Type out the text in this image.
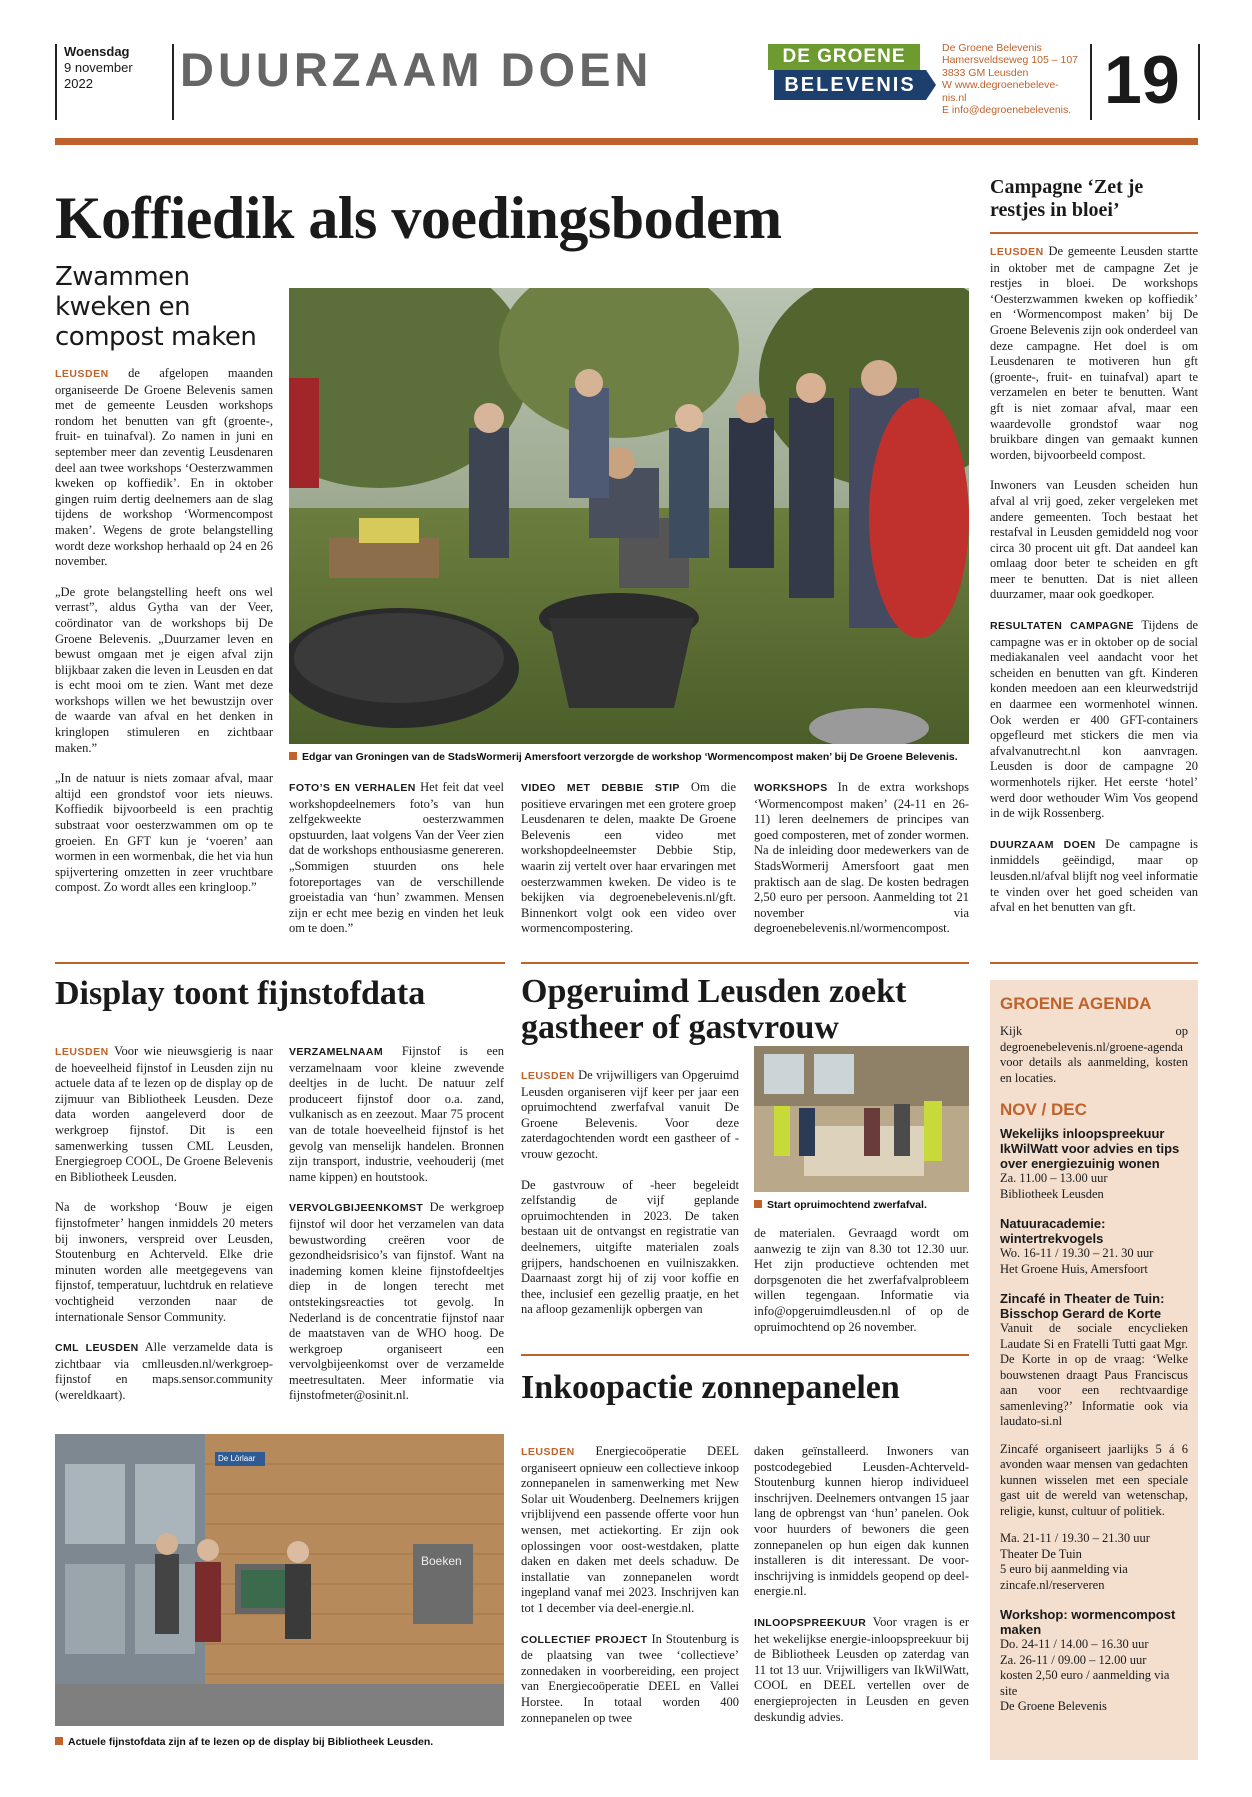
Woensdag
9 november
2022	DUURZAAM DOEN	DE GROENE
BELEVENIS
De Groene Belevenis
Hamersveldseweg 105 – 107
3833 GM Leusden
W www.degroenebeleve-
nis.nl
E info@degroenebelevenis. 19
Koffiedik als voedingsbodem
Zwammen kweken en compost maken

LEUSDEN de afgelopen maanden organiseerde De Groene Belevenis samen met de gemeente Leusden workshops rondom het benutten van gft (groente-, fruit- en tuinafval). Zo namen in juni en september meer dan zeventig Leusdenaren deel aan twee workshops ‘Oesterzwammen kweken op koffiedik’. En in oktober gingen ruim dertig deelnemers aan de slag tijdens de workshop ‘Wormencompost maken’. Wegens de grote belangstelling wordt deze workshop herhaald op 24 en 26 november.

„De grote belangstelling heeft ons wel verrast”, aldus Gytha van der Veer, coördinator van de workshops bij De Groene Belevenis. „Duurzamer leven en bewust omgaan met je eigen afval zijn blijkbaar zaken die leven in Leusden en dat is echt mooi om te zien. Want met deze workshops willen we het bewustzijn over de waarde van afval en het denken in kringlopen stimuleren en zichtbaar maken.”

„In de natuur is niets zomaar afval, maar altijd een grondstof voor iets nieuws. Koffiedik bijvoorbeeld is een prachtig substraat voor oesterzwammen om op te groeien. En GFT kun je ‘voeren’ aan wormen in een wormenbak, die het via hun spijvertering omzetten in zeer vruchtbare compost. Zo wordt alles een kringloop.”

Edgar van Groningen van de StadsWormerij Amersfoort verzorgde de workshop ‘Wormencompost maken’ bij De Groene Belevenis.

FOTO’S EN VERHALEN Het feit dat veel workshopdeelnemers foto’s van hun zelfgekweekte oesterzwammen opstuurden, laat volgens Van der Veer zien dat de workshops enthousiasme genereren. „Sommigen stuurden ons hele fotoreportages van de verschillende groeistadia van ‘hun’ zwammen. Mensen zijn er echt mee bezig en vinden het leuk om te doen.”

VIDEO MET DEBBIE STIP Om die positieve ervaringen met een grotere groep Leusdenaren te delen, maakte De Groene Belevenis een video met workshopdeelneemster Debbie Stip, waarin zij vertelt over haar ervaringen met oesterzwammen kweken. De video is te bekijken via degroenebelevenis.nl/gft. Binnenkort volgt ook een video over wormencompostering.

WORKSHOPS In de extra workshops ‘Wormencompost maken’ (24-11 en 26-11) leren deelnemers de principes van goed composteren, met of zonder wormen. Na de inleiding door medewerkers van de StadsWormerij Amersfoort gaat men praktisch aan de slag. De kosten bedragen 2,50 euro per persoon. Aanmelding tot 21 november via degroenebelevenis.nl/wormencompost.

Campagne ‘Zet je restjes in bloei’

LEUSDEN De gemeente Leusden startte in oktober met de campagne Zet je restjes in bloei. De workshops ‘Oesterzwammen kweken op koffiedik’ en ‘Wormencompost maken’ bij De Groene Belevenis zijn ook onderdeel van deze campagne. Het doel is om Leusdenaren te motiveren hun gft (groente-, fruit- en tuinafval) apart te verzamelen en beter te benutten. Want gft is niet zomaar afval, maar een waardevolle grondstof waar nog bruikbare dingen van gemaakt kunnen worden, bijvoorbeeld compost.

Inwoners van Leusden scheiden hun afval al vrij goed, zeker vergeleken met andere gemeenten. Toch bestaat het restafval in Leusden gemiddeld nog voor circa 30 procent uit gft. Dat aandeel kan omlaag door beter te scheiden en gft meer te benutten. Dat is niet alleen duurzamer, maar ook goedkoper.

RESULTATEN CAMPAGNE Tijdens de campagne was er in oktober op de social mediakanalen veel aandacht voor het scheiden en benutten van gft. Kinderen konden meedoen aan een kleurwedstrijd en daarmee een wormenhotel winnen. Ook werden er 400 GFT-containers opgefleurd met stickers die men via afvalvanutrecht.nl kon aanvragen. Leusden is door de campagne 20 wormenhotels rijker. Het eerste ‘hotel’ werd door wethouder Wim Vos geopend in de wijk Rossenberg.

DUURZAAM DOEN De campagne is inmiddels geëindigd, maar op leusden.nl/afval blijft nog veel informatie te vinden over het goed scheiden van afval en het benutten van gft.

Display toont fijnstofdata

LEUSDEN Voor wie nieuwsgierig is naar de hoeveelheid fijnstof in Leusden zijn nu actuele data af te lezen op de display op de zijmuur van Bibliotheek Leusden. Deze data worden aangeleverd door de werkgroep fijnstof. Dit is een samenwerking tussen CML Leusden, Energiegroep COOL, De Groene Belevenis en Bibliotheek Leusden.

Na de workshop ‘Bouw je eigen fijnstofmeter’ hangen inmiddels 20 meters bij inwoners, verspreid over Leusden, Stoutenburg en Achterveld. Elke drie minuten worden alle meetgegevens van fijnstof, temperatuur, luchtdruk en relatieve vochtigheid verzonden naar de internationale Sensor Community.

CML LEUSDEN Alle verzamelde data is zichtbaar via cmlleusden.nl/werkgroep-fijnstof en maps.sensor.community (wereldkaart).

VERZAMELNAAM Fijnstof is een verzamelnaam voor kleine zwevende deeltjes in de lucht. De natuur zelf produceert fijnstof door o.a. zand, vulkanisch as en zeezout. Maar 75 procent van de totale hoeveelheid fijnstof is het gevolg van menselijk handelen. Bronnen zijn transport, industrie, veehouderij (met name kippen) en houtstook.

VERVOLGBIJEENKOMST De werkgroep fijnstof wil door het verzamelen van data bewustwording creëren voor de gezondheidsrisico’s van fijnstof. Want na inademing komen kleine fijnstofdeeltjes diep in de longen terecht met ontstekingsreacties tot gevolg. In Nederland is de concentratie fijnstof naar de maatstaven van de WHO hoog. De werkgroep organiseert een vervolgbijeenkomst over de verzamelde meetresultaten. Meer informatie via fijnstofmeter@osinit.nl.

De Lörlaar
Boeken
Actuele fijnstofdata zijn af te lezen op de display bij Bibliotheek Leusden.
Opgeruimd Leusden zoekt gastheer of gastvrouw

LEUSDEN De vrijwilligers van Opgeruimd Leusden organiseren vijf keer per jaar een opruimochtend zwerfafval vanuit De Groene Belevenis. Voor deze zaterdagochtenden wordt een gastheer of -vrouw gezocht.

De gastvrouw of -heer begeleidt zelfstandig de vijf geplande opruimochtenden in 2023. De taken bestaan uit de ontvangst en registratie van deelnemers, uitgifte materialen zoals grijpers, handschoenen en vuilniszakken. Daarnaast zorgt hij of zij voor koffie en thee, inclusief een gezellig praatje, en het na afloop gezamenlijk opbergen van

Start opruimochtend zwerfafval.

de materialen. Gevraagd wordt om aanwezig te zijn van 8.30 tot 12.30 uur. Het zijn productieve ochtenden met dorpsgenoten die het zwerfafvalprobleem willen tegengaan. Informatie via info@opgeruimdleusden.nl of op de opruimochtend op 26 november.

Inkoopactie zonnepanelen

LEUSDEN Energiecoöperatie DEEL organiseert opnieuw een collectieve inkoop zonnepanelen in samenwerking met New Solar uit Woudenberg. Deelnemers krijgen vrijblijvend een passende offerte voor hun wensen, met actiekorting. Er zijn ook oplossingen voor oost-westdaken, platte daken en daken met deels schaduw. De installatie van zonnepanelen wordt ingepland vanaf mei 2023. Inschrijven kan tot 1 december via deel-energie.nl.

COLLECTIEF PROJECT In Stoutenburg is de plaatsing van twee ‘collectieve’ zonnedaken in voorbereiding, een project van Energiecoöperatie DEEL en Vallei Horstee. In totaal worden 400 zonnepanelen op twee

daken geïnstalleerd. Inwoners van postcodegebied Leusden-Achterveld-Stoutenburg kunnen hierop individueel inschrijven. Deelnemers ontvangen 15 jaar lang de opbrengst van ‘hun’ panelen. Ook voor huurders of bewoners die geen zonnepanelen op hun eigen dak kunnen installeren is dit interessant. De voor-inschrijving is inmiddels geopend op deel-energie.nl.

INLOOPSPREEKUUR Voor vragen is er het wekelijkse energie-inloopspreekuur bij de Bibliotheek Leusden op zaterdag van 11 tot 13 uur. Vrijwilligers van IkWilWatt, COOL en DEEL vertellen over de energieprojecten in Leusden en geven deskundig advies.

GROENE AGENDA
Kijk op degroenebelevenis.nl/groene-agenda voor details als aanmelding, kosten en locaties.
NOV / DEC
Wekelijks inloopspreekuur IkWilWatt voor advies en tips over energiezuinig wonen
Za. 11.00 – 13.00 uur
Bibliotheek Leusden
Natuuracademie: wintertrekvogels
Wo. 16-11 / 19.30 – 21. 30 uur
Het Groene Huis, Amersfoort
Zincafé in Theater de Tuin: Bisschop Gerard de Korte
Vanuit de sociale encyclieken Laudate Si en Fratelli Tutti gaat Mgr. De Korte in op de vraag: ‘Welke bouwstenen draagt Paus Franciscus aan voor een rechtvaardige samenleving?’ Informatie ook via laudato-si.nl
Zincafé organiseert jaarlijks 5 á 6 avonden waar mensen van gedachten kunnen wisselen met een speciale gast uit de wereld van wetenschap, religie, kunst, cultuur of politiek.
Ma. 21-11 / 19.30 – 21.30 uur
Theater De Tuin
5 euro bij aanmelding via zincafe.nl/reserveren
Workshop: wormencompost maken
Do. 24-11 / 14.00 – 16.30 uur
Za. 26-11 / 09.00 – 12.00 uur
kosten 2,50 euro / aanmelding via site
De Groene Belevenis
